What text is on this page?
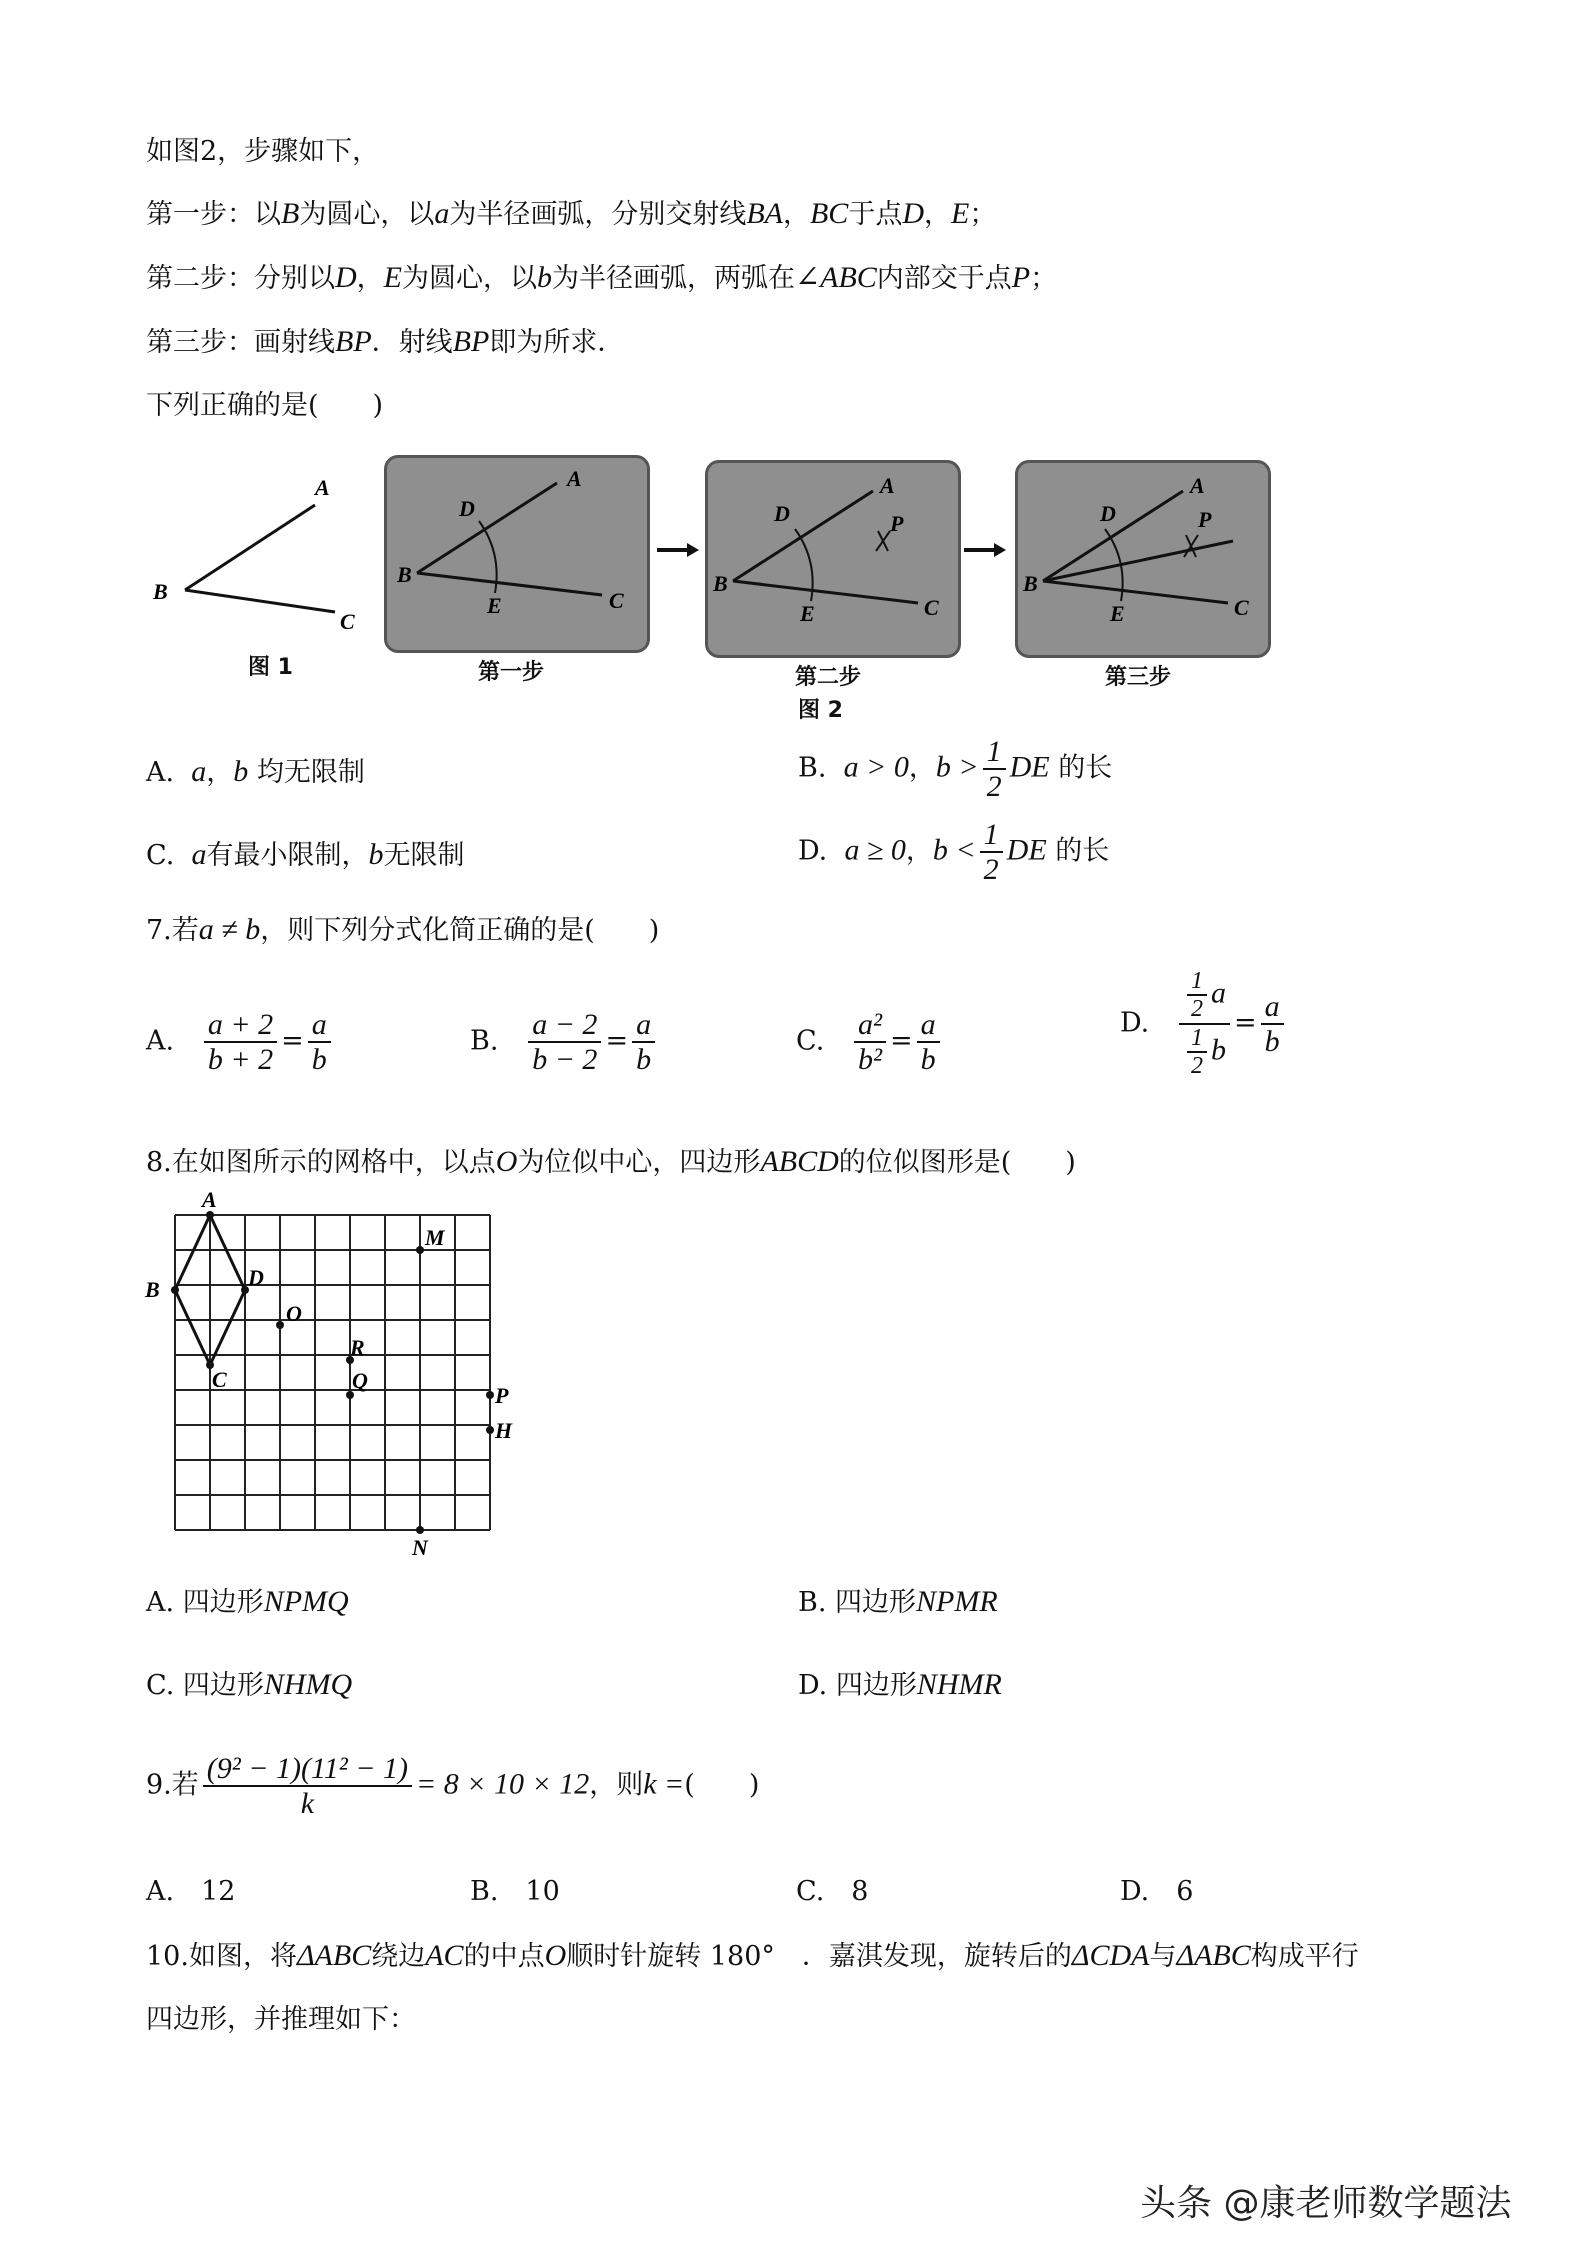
如图2，步骤如下，
第一步：以B为圆心，以a为半径画弧，分别交射线BA，BC于点D，E；
第二步：分别以D，E为圆心，以b为半径画弧，两弧在∠ABC内部交于点P；
第三步：画射线BP．射线BP即为所求．
下列正确的是(　　)
A
B
C
图 1
A
B
C
D
E
第一步
A
B
C
D
E
P
第二步
图 2
A
B
C
D
E
P
第三步
A. a，b 均无限制	B. a > 0，$b > \frac{1}{2}$ DE 的长
C. a有最小限制，b无限制	D. a ≥ 0，$b < \frac{1}{2}$ DE 的长
7.若a ≠ b，则下列分式化简正确的是(　　)
A. $\frac{a + 2}{b + 2} = \frac{a}{b}$	B. $\frac{a - 2}{b - 2} = \frac{a}{b}$	C. $\frac{\text{a²}}{\text{b²}} = \frac{a}{b}$	D. $\frac{\frac{1}{2} a}{\frac{1}{2} b} = \frac{a}{b}$
8.在如图所示的网格中，以点O为位似中心，四边形ABCD的位似图形是(　　)
A
B
C
D
O
R
Q
M
P
H
N
A. 四边形NPMQ	B. 四边形NPMR
C. 四边形NHMQ	D. 四边形NHMR
9.若 $\frac{\text{(9² − 1)(11² − 1)}}{k} = 8 \times 10 \times 12$，则k =(　　)
A.　12	B.　10	C.　8	D.　6
10.如图，将ΔABC绕边AC的中点O顺时针旋转 180°　．嘉淇发现，旋转后的ΔCDA与ΔABC构成平行
四边形，并推理如下：
头条 @康老师数学题法
